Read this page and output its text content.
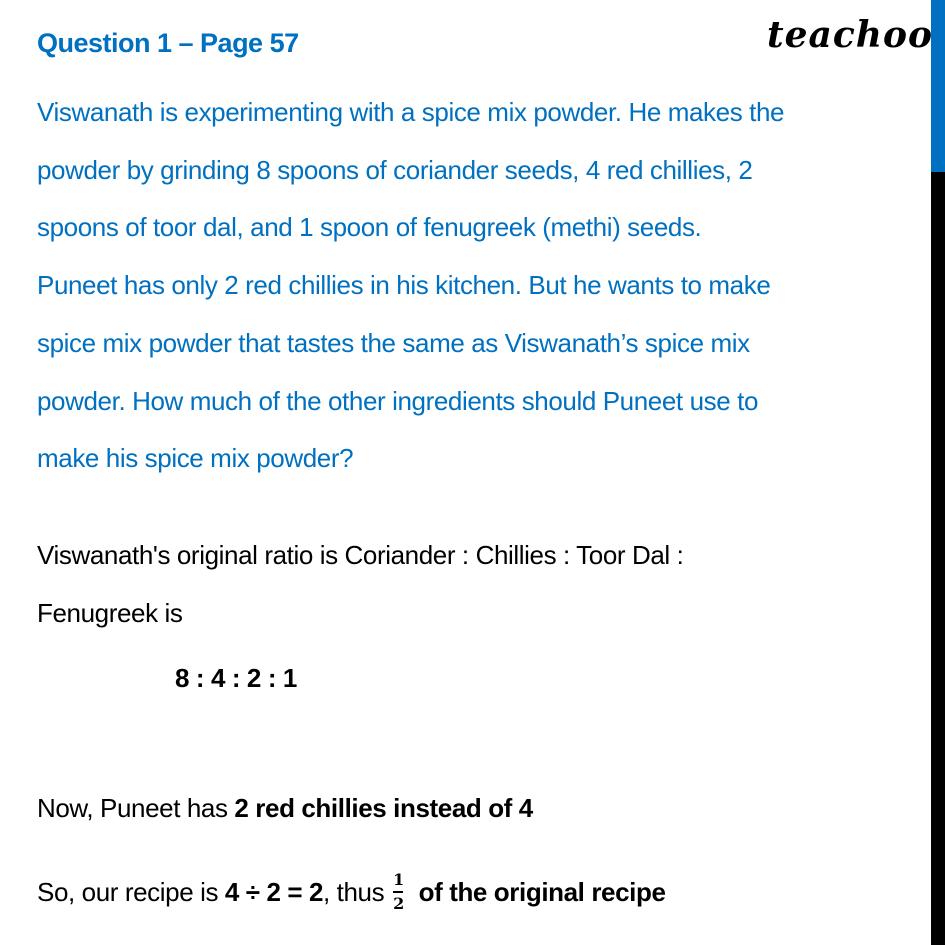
Question 1 – Page 57	teachoo

Viswanath is experimenting with a spice mix powder. He makes the

powder by grinding 8 spoons of coriander seeds, 4 red chillies, 2

spoons of toor dal, and 1 spoon of fenugreek (methi) seeds.

Puneet has only 2 red chillies in his kitchen. But he wants to make

spice mix powder that tastes the same as Viswanath’s spice mix

powder. How much of the other ingredients should Puneet use to

make his spice mix powder?

Viswanath's original ratio is Coriander : Chillies : Toor Dal :
Fenugreek is
8 : 4 : 2 : 1
Now, Puneet has 2 red chillies instead of 4
So, our recipe is 4 ÷ 2 = 2, thus $\frac{1}{2}$ of the original recipe
